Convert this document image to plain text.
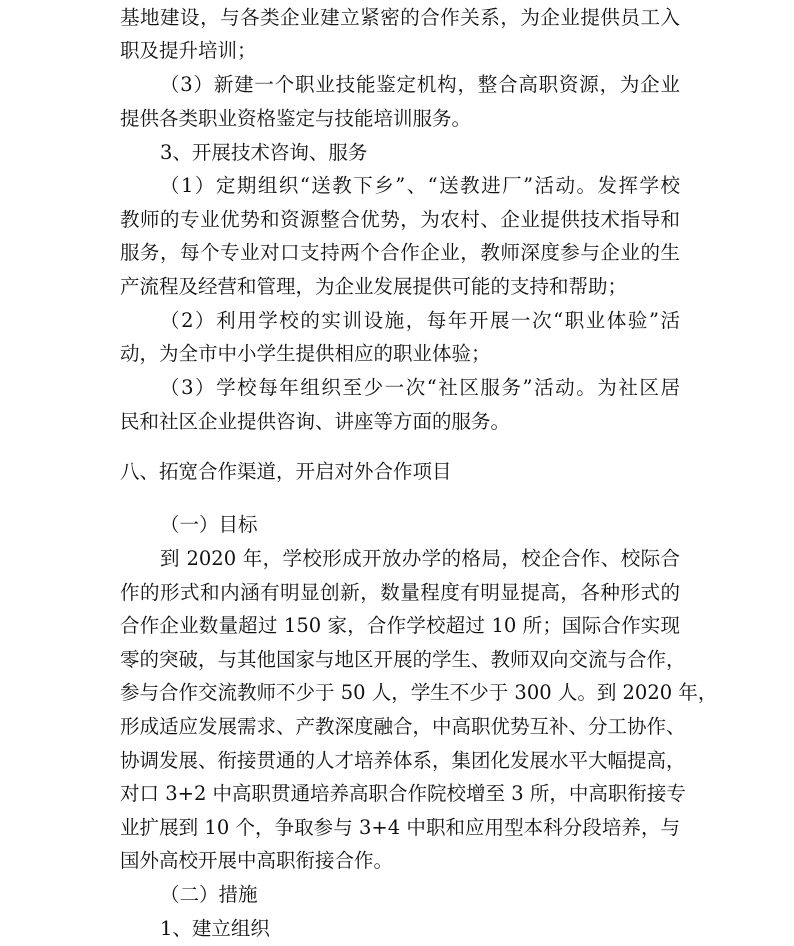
基地建设，与各类企业建立紧密的合作关系，为企业提供员工入
职及提升培训；
（3）新建一个职业技能鉴定机构，整合高职资源，为企业
提供各类职业资格鉴定与技能培训服务。
3、开展技术咨询、服务
（1）定期组织“送教下乡”、“送教进厂”活动。发挥学校
教师的专业优势和资源整合优势，为农村、企业提供技术指导和
服务，每个专业对口支持两个合作企业，教师深度参与企业的生
产流程及经营和管理，为企业发展提供可能的支持和帮助；
（2）利用学校的实训设施，每年开展一次“职业体验”活
动，为全市中小学生提供相应的职业体验；
（3）学校每年组织至少一次“社区服务”活动。为社区居
民和社区企业提供咨询、讲座等方面的服务。
八、拓宽合作渠道，开启对外合作项目
（一）目标
到 2020 年，学校形成开放办学的格局，校企合作、校际合
作的形式和内涵有明显创新，数量程度有明显提高，各种形式的
合作企业数量超过 150 家，合作学校超过 10 所；国际合作实现
零的突破，与其他国家与地区开展的学生、教师双向交流与合作，
参与合作交流教师不少于 50 人，学生不少于 300 人。到 2020 年，
形成适应发展需求、产教深度融合，中高职优势互补、分工协作、
协调发展、衔接贯通的人才培养体系，集团化发展水平大幅提高，
对口 3+2 中高职贯通培养高职合作院校增至 3 所，中高职衔接专
业扩展到 10 个，争取参与 3+4 中职和应用型本科分段培养，与
国外高校开展中高职衔接合作。
（二）措施
1、建立组织
